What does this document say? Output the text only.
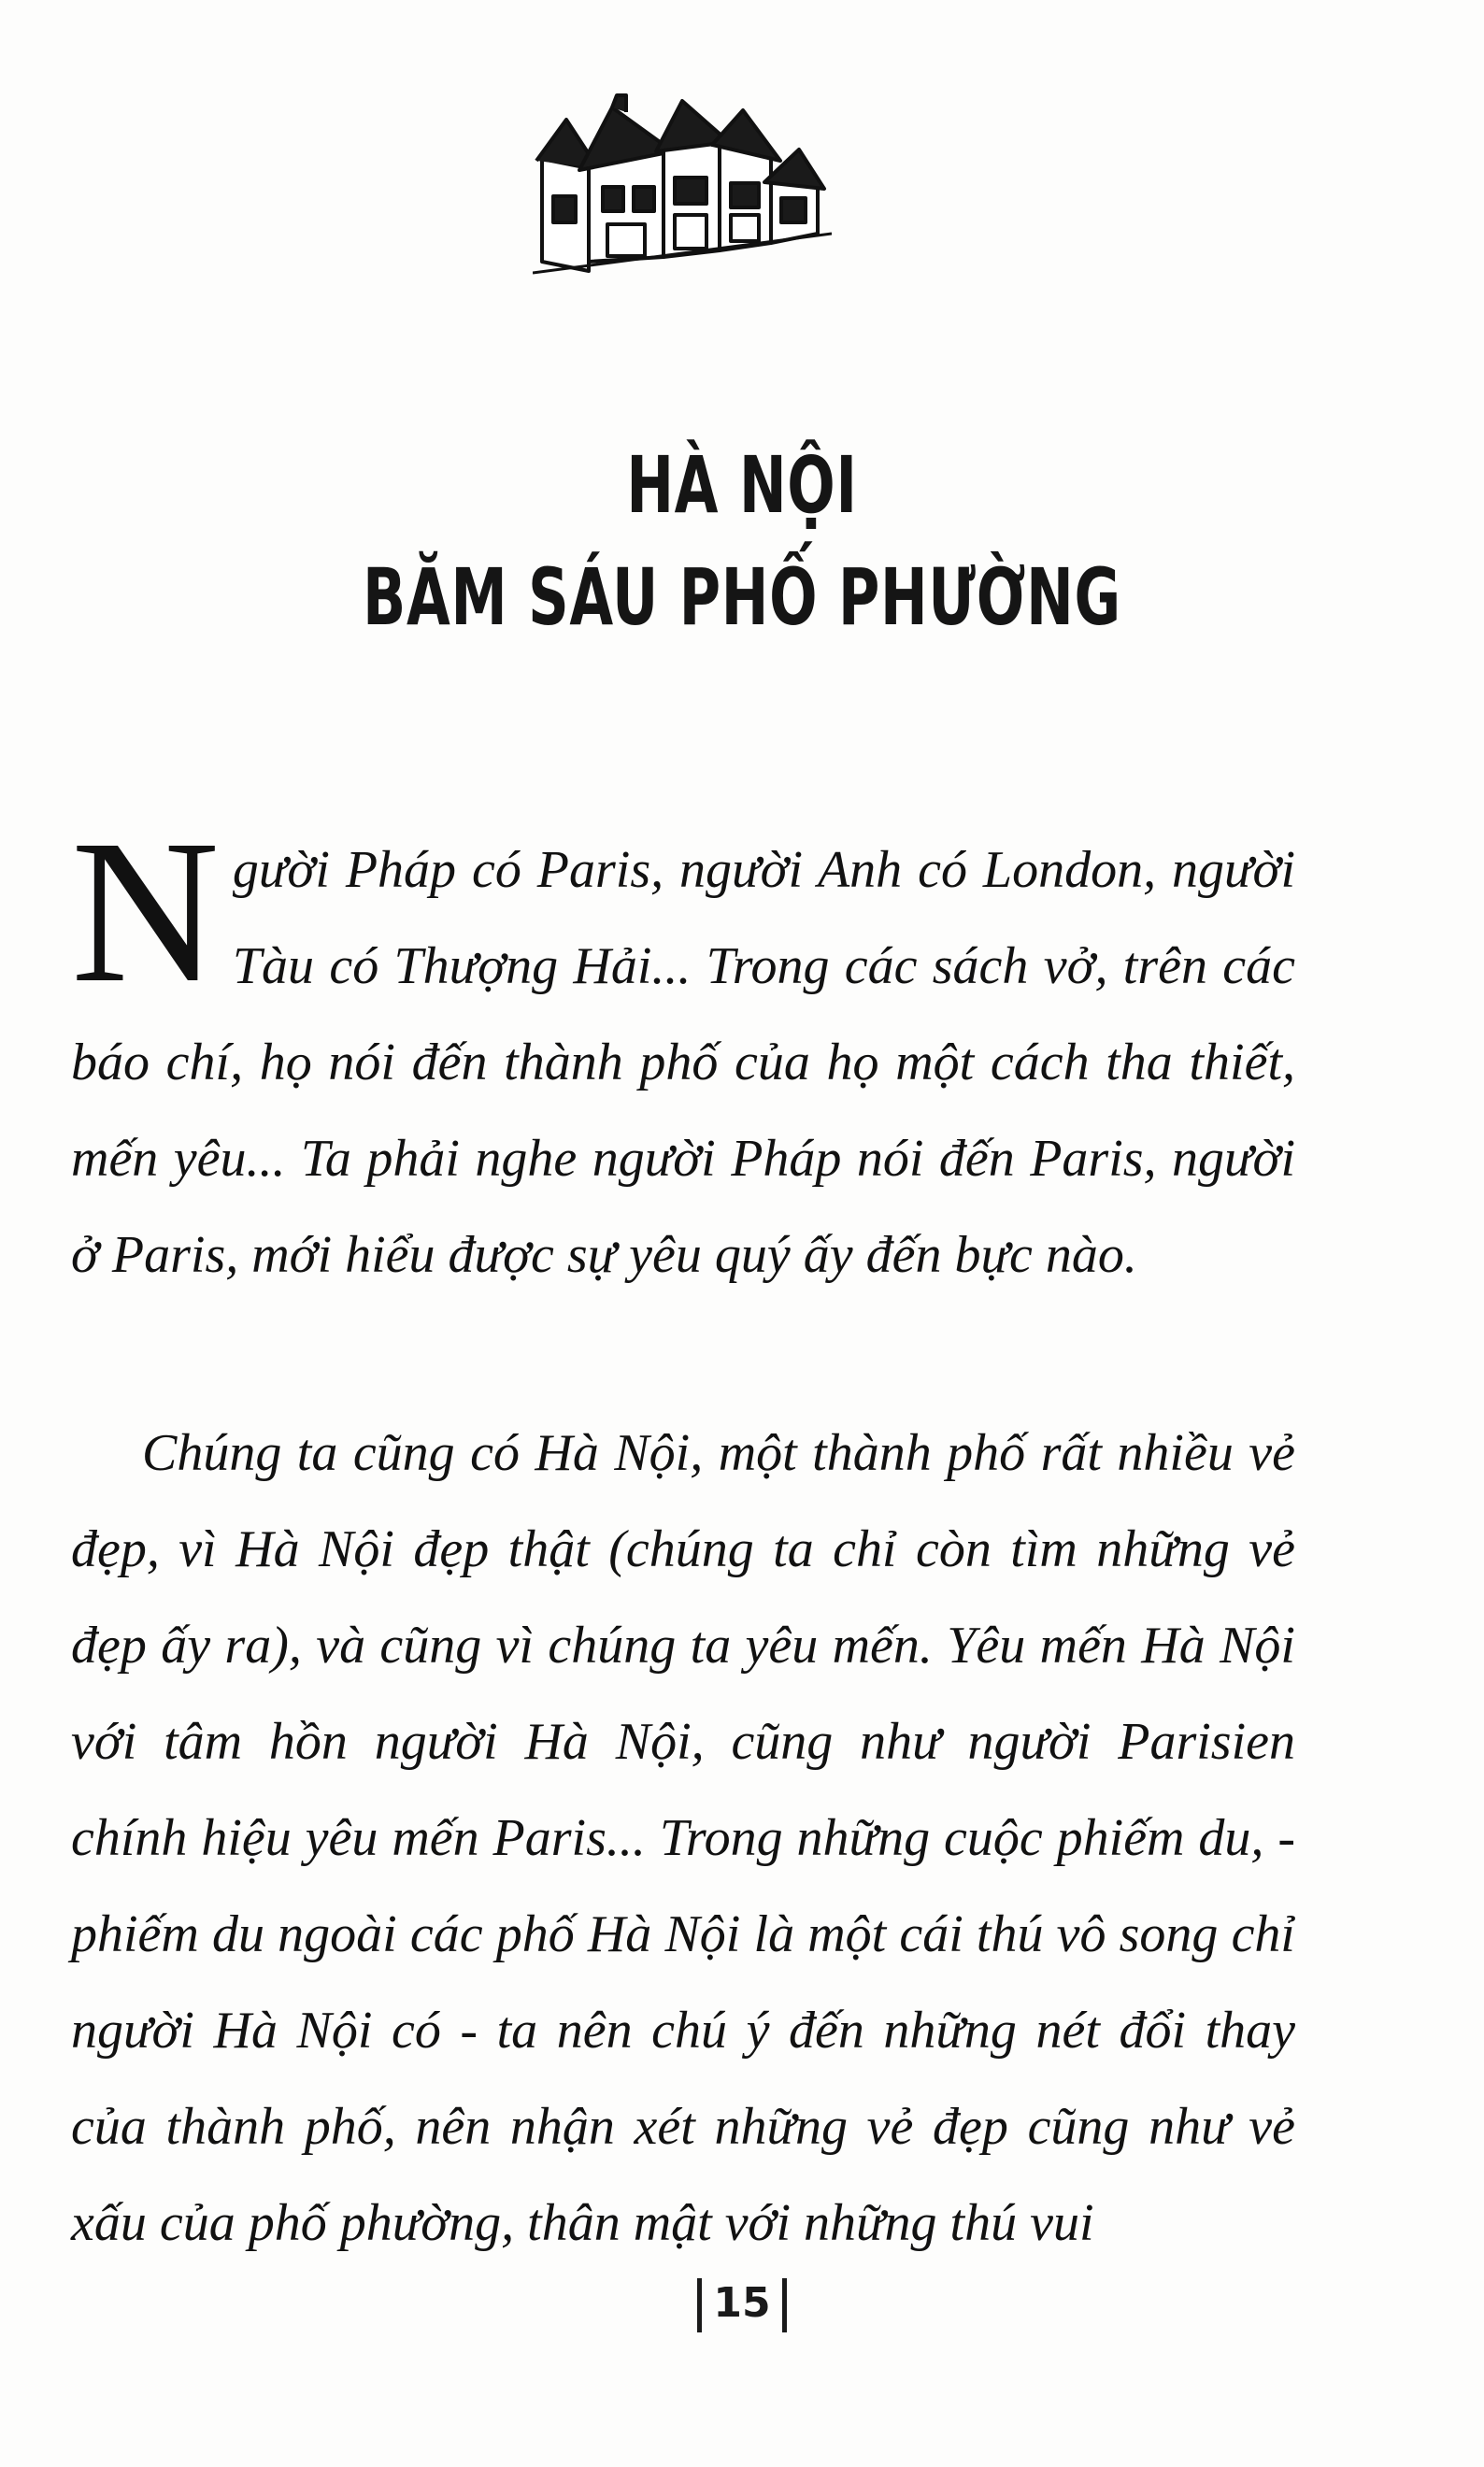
HÀ NỘI
BĂM SÁU PHỐ PHƯỜNG

Người Pháp có Paris, người Anh có London, người Tàu có Thượng Hải... Trong các sách vở, trên các báo chí, họ nói đến thành phố của họ một cách tha thiết, mến yêu... Ta phải nghe người Pháp nói đến Paris, người ở Paris, mới hiểu được sự yêu quý ấy đến bực nào.

Chúng ta cũng có Hà Nội, một thành phố rất nhiều vẻ đẹp, vì Hà Nội đẹp thật (chúng ta chỉ còn tìm những vẻ đẹp ấy ra), và cũng vì chúng ta yêu mến. Yêu mến Hà Nội với tâm hồn người Hà Nội, cũng như người Parisien chính hiệu yêu mến Paris... Trong những cuộc phiếm du, - phiếm du ngoài các phố Hà Nội là một cái thú vô song chỉ người Hà Nội có - ta nên chú ý đến những nét đổi thay của thành phố, nên nhận xét những vẻ đẹp cũng như vẻ xấu của phố phường, thân mật với những thú vui

15
